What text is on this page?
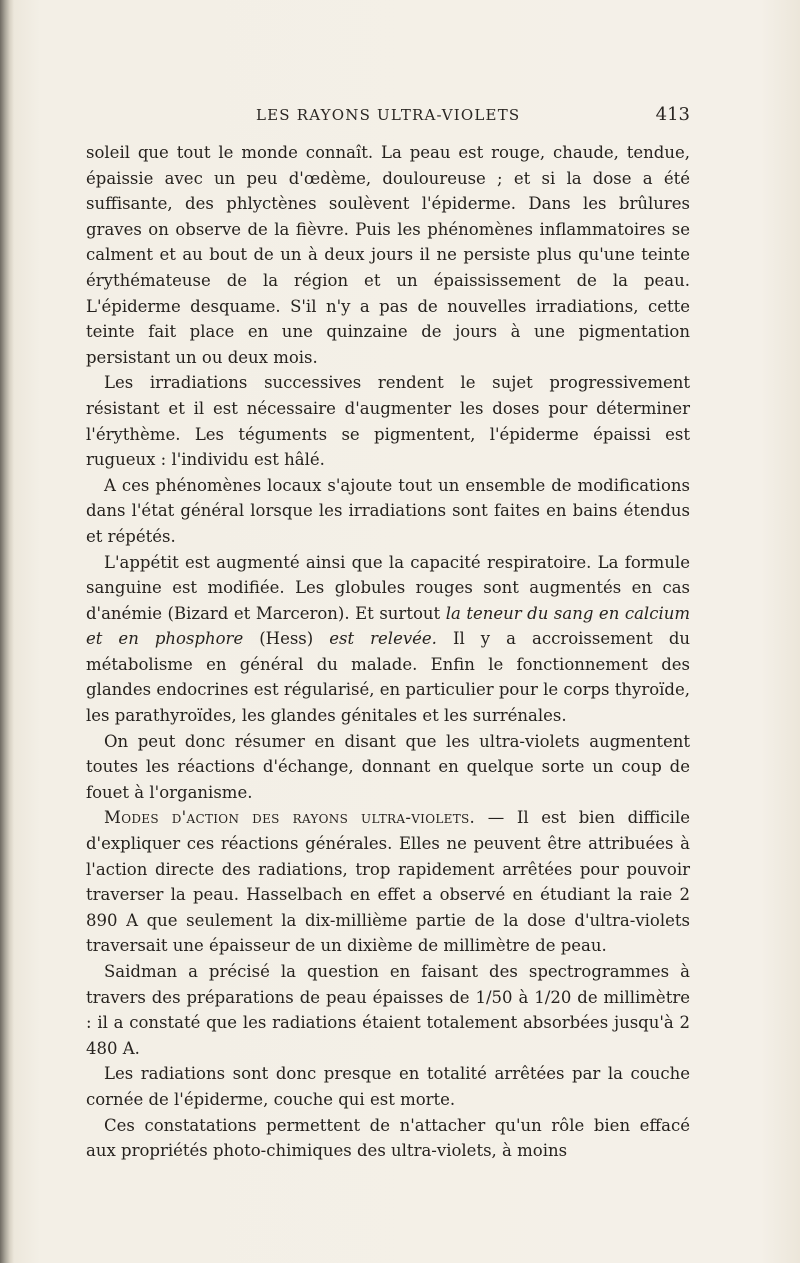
LES RAYONS ULTRA-VIOLETS	413

soleil que tout le monde connaît. La peau est rouge, chaude, tendue, épaissie avec un peu d'œdème, douloureuse ; et si la dose a été suffisante, des phlyctènes soulèvent l'épiderme. Dans les brûlures graves on observe de la fièvre. Puis les phénomènes inflammatoires se calment et au bout de un à deux jours il ne persiste plus qu'une teinte érythémateuse de la région et un épaississement de la peau. L'épiderme desquame. S'il n'y a pas de nouvelles irradiations, cette teinte fait place en une quinzaine de jours à une pigmentation persistant un ou deux mois.

Les irradiations successives rendent le sujet progressivement résistant et il est nécessaire d'augmenter les doses pour déterminer l'érythème. Les téguments se pigmentent, l'épiderme épaissi est rugueux : l'individu est hâlé.

A ces phénomènes locaux s'ajoute tout un ensemble de modifications dans l'état général lorsque les irradiations sont faites en bains étendus et répétés.

L'appétit est augmenté ainsi que la capacité respiratoire. La formule sanguine est modifiée. Les globules rouges sont augmentés en cas d'anémie (Bizard et Marceron). Et surtout la teneur du sang en calcium et en phosphore (Hess) est relevée. Il y a accroissement du métabolisme en général du malade. Enfin le fonctionnement des glandes endocrines est régularisé, en particulier pour le corps thyroïde, les parathyroïdes, les glandes génitales et les surrénales.

On peut donc résumer en disant que les ultra-violets augmentent toutes les réactions d'échange, donnant en quelque sorte un coup de fouet à l'organisme.

Modes d'action des rayons ultra-violets. — Il est bien difficile d'expliquer ces réactions générales. Elles ne peuvent être attribuées à l'action directe des radiations, trop rapidement arrêtées pour pouvoir traverser la peau. Hasselbach en effet a observé en étudiant la raie 2 890 A que seulement la dix-millième partie de la dose d'ultra-violets traversait une épaisseur de un dixième de millimètre de peau.

Saidman a précisé la question en faisant des spectrogrammes à travers des préparations de peau épaisses de 1/50 à 1/20 de millimètre : il a constaté que les radiations étaient totalement absorbées jusqu'à 2 480 A.

Les radiations sont donc presque en totalité arrêtées par la couche cornée de l'épiderme, couche qui est morte.

Ces constatations permettent de n'attacher qu'un rôle bien effacé aux propriétés photo-chimiques des ultra-violets, à moins
